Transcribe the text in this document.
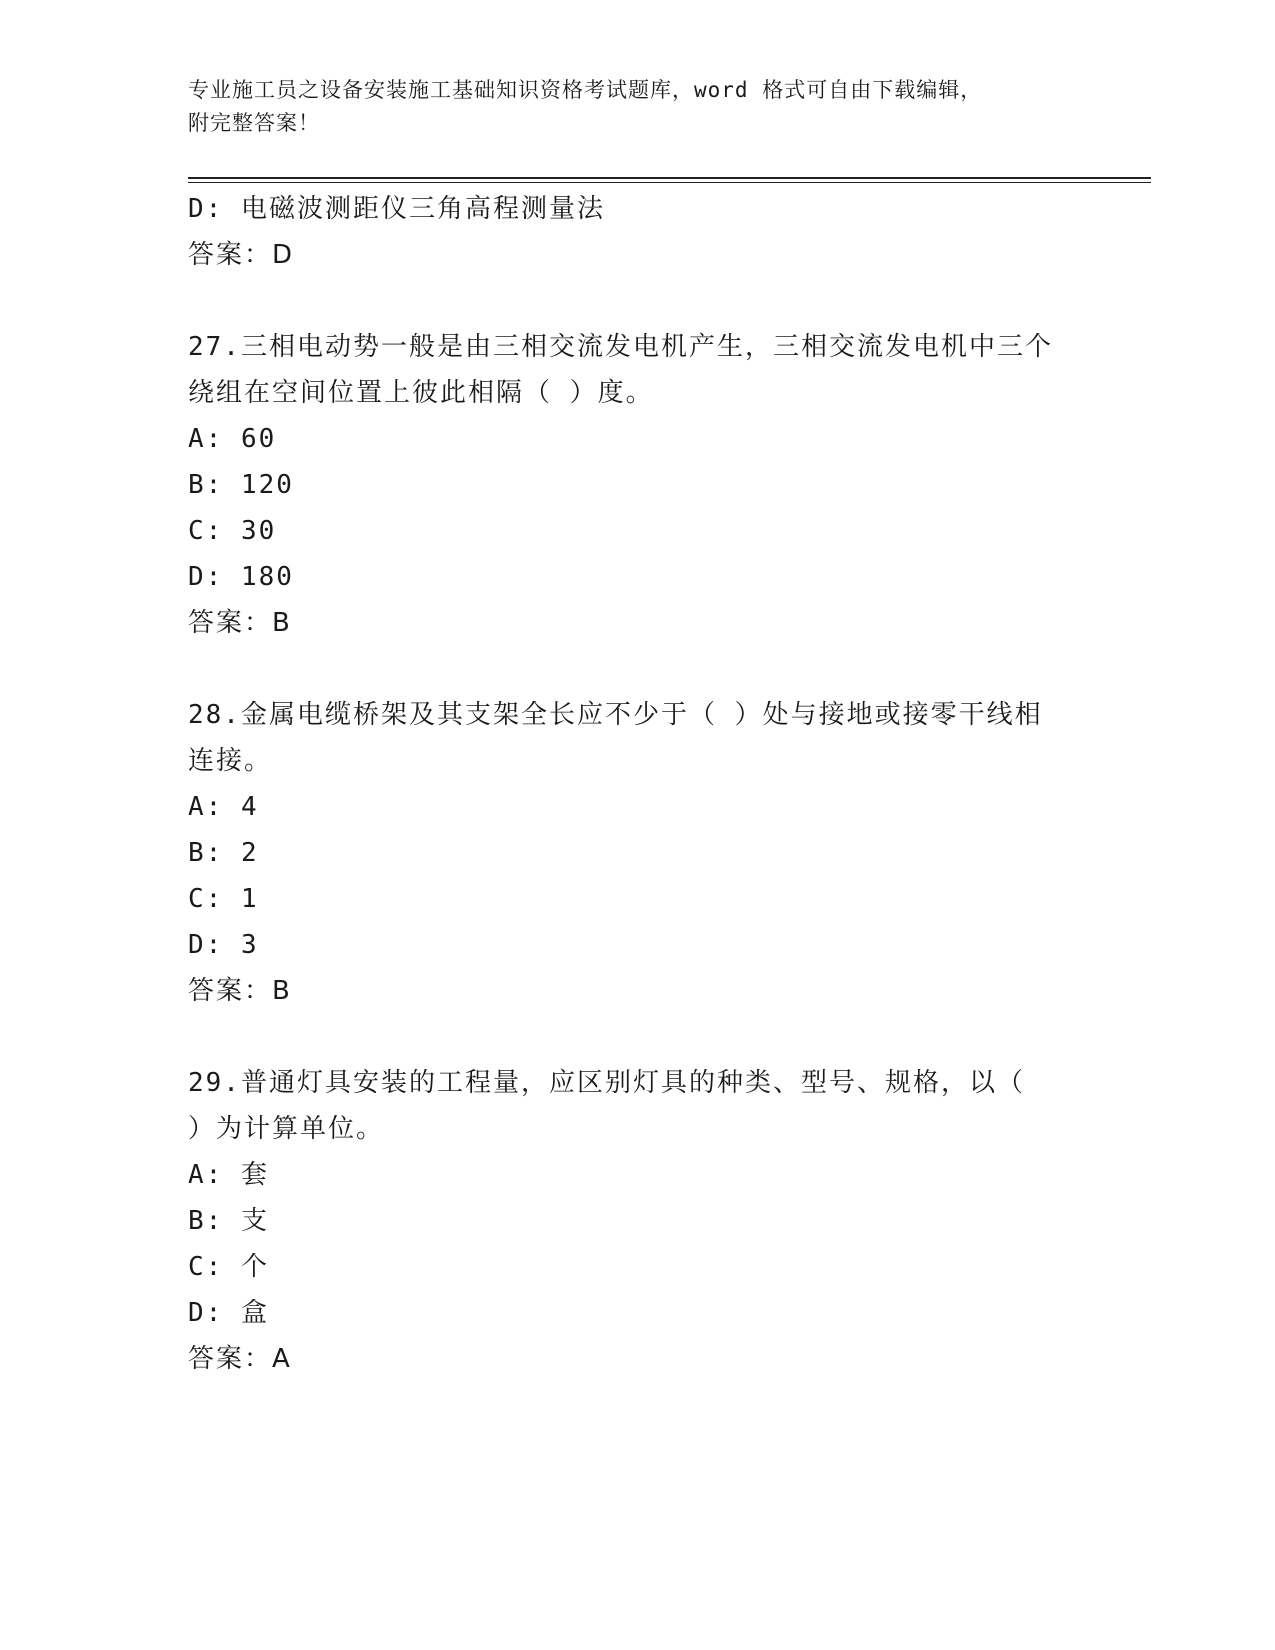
专业施工员之设备安装施工基础知识资格考试题库，word 格式可自由下载编辑，
附完整答案！
D: 电磁波测距仪三角高程测量法
答案：D
27.三相电动势一般是由三相交流发电机产生，三相交流发电机中三个
绕组在空间位置上彼此相隔（ ）度。
A: 60
B: 120
C: 30
D: 180
答案：B
28.金属电缆桥架及其支架全长应不少于（ ）处与接地或接零干线相
连接。
A: 4
B: 2
C: 1
D: 3
答案：B
29.普通灯具安装的工程量，应区别灯具的种类、型号、规格，以（
）为计算单位。
A: 套
B: 支
C: 个
D: 盒
答案：A
